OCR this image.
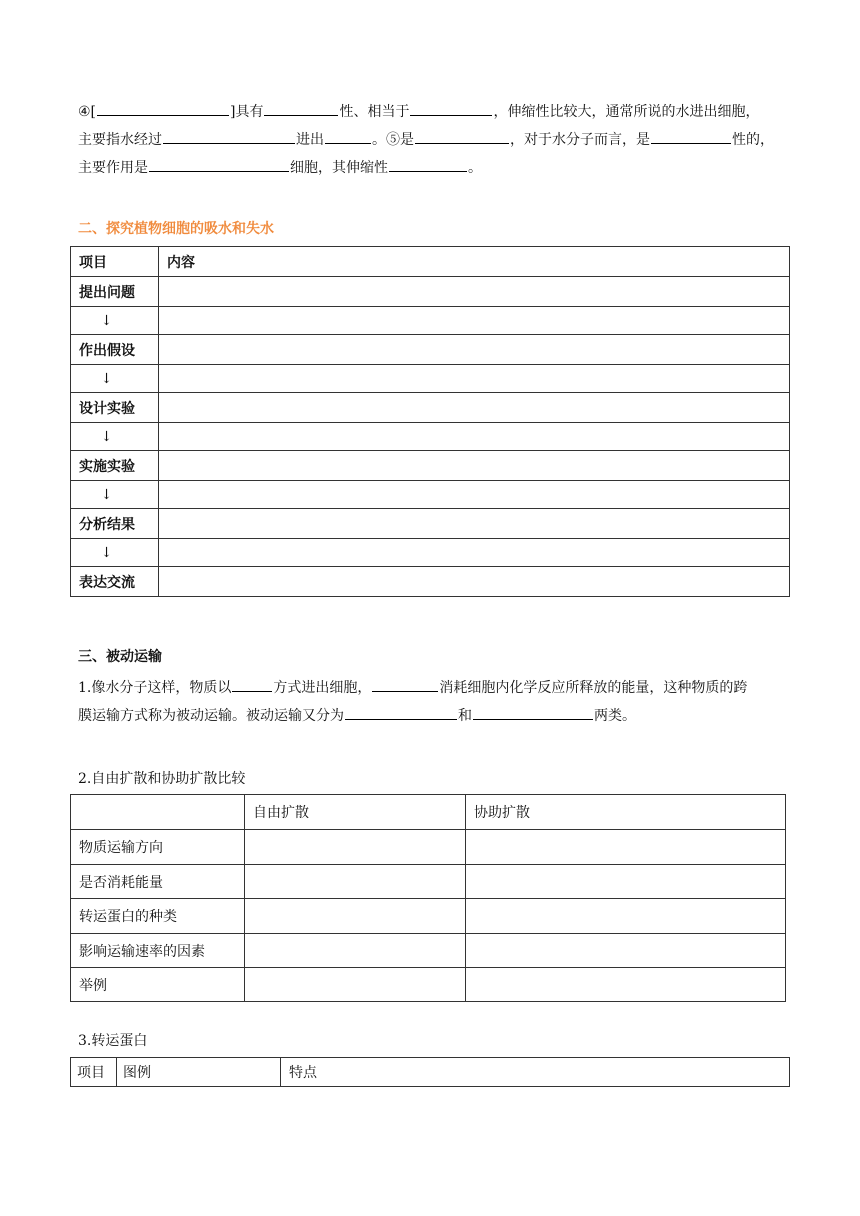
④[	]具有	性、相当于	，伸缩性比较大，通常所说的水进出细胞，
主要指水经过	进出	。⑤是	，对于水分子而言，是	性的，
主要作用是	细胞，其伸缩性	。
二、探究植物细胞的吸水和失水
项目	内容
提出问题	
↓	
作出假设	
↓	
设计实验	
↓	
实施实验	
↓	
分析结果	
↓	
表达交流	
三、被动运输
1.像水分子这样，物质以	方式进出细胞，	消耗细胞内化学反应所释放的能量，这种物质的跨
膜运输方式称为被动运输。被动运输又分为	和	两类。
2.自由扩散和协助扩散比较
	自由扩散	协助扩散
物质运输方向		
是否消耗能量		
转运蛋白的种类		
影响运输速率的因素		
举例		
3.转运蛋白
项目	图例	特点
